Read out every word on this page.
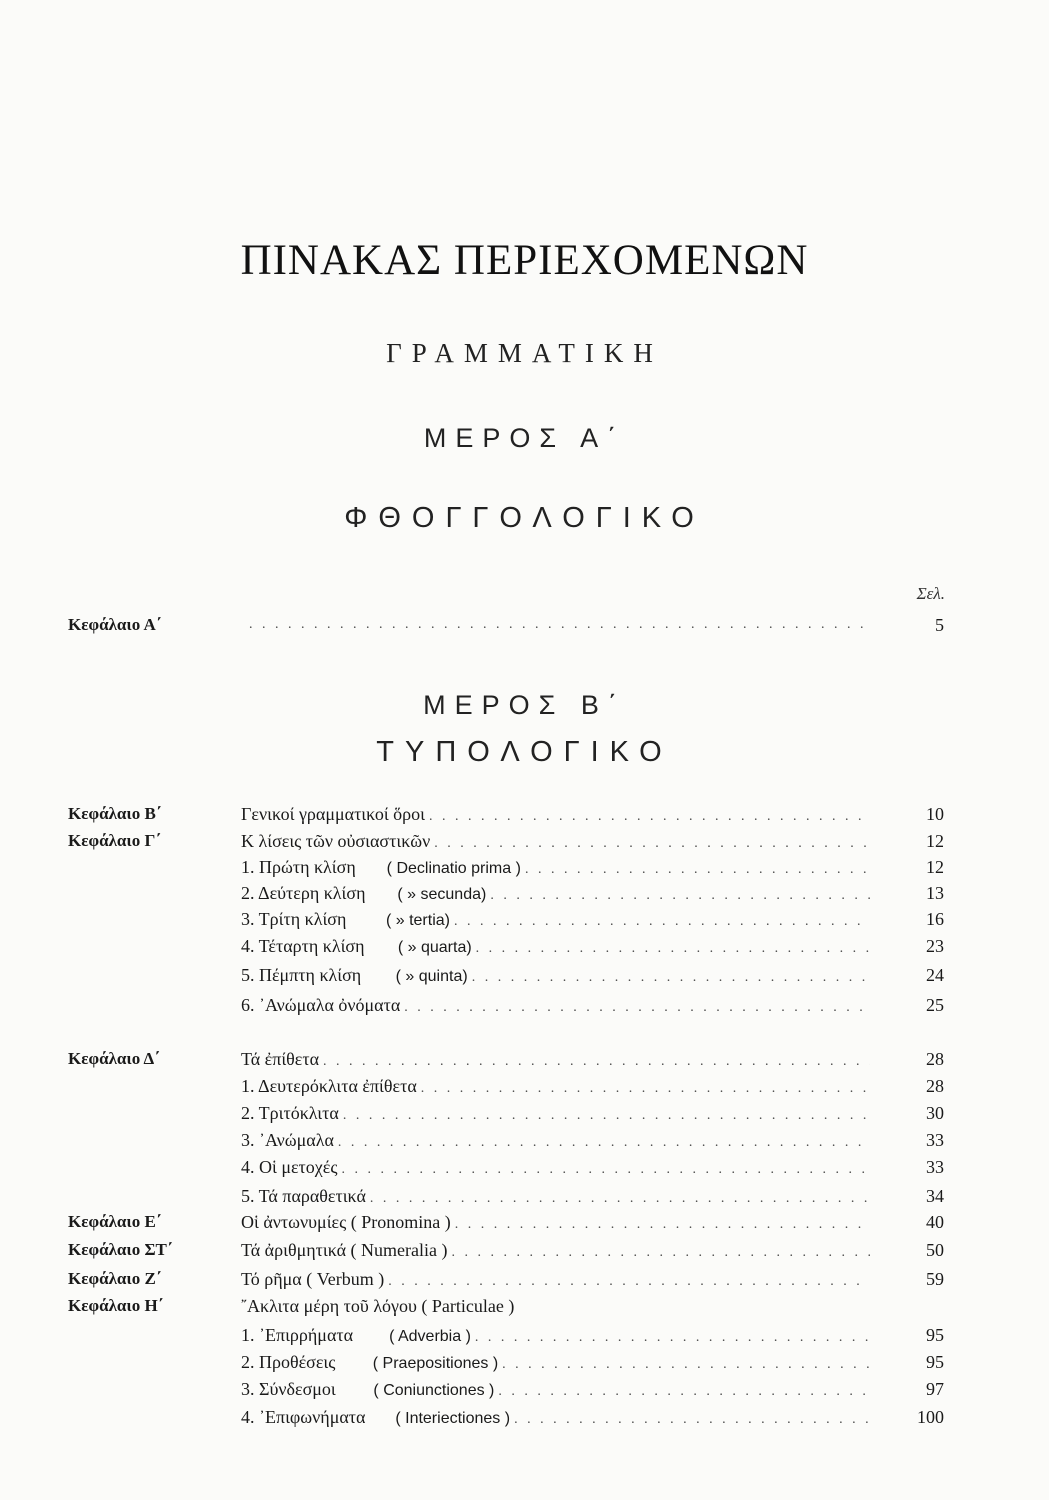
ΠΙΝΑΚΑΣ ΠΕΡΙΕΧΟΜΕΝΩΝ
ΓΡΑΜΜΑΤΙΚΗ
ΜΕΡΟΣ Α΄
ΦΘΟΓΓΟΛΟΓΙΚΟ
Σελ.
Κεφάλαιο Α΄ . . .	5
ΜΕΡΟΣ Β΄
ΤΥΠΟΛΟΓΙΚΟ
Κεφάλαιο Β΄	Γενικοί γραμματικοί ὅροι . . .	10
Κεφάλαιο Γ΄	Κ λίσεις τῶν οὐσιαστικῶν . . .	12
1. Πρώτη κλίση ( Declinatio prima ) . . .	12
2. Δεύτερη κλίση ( » secunda) . . .	13
3. Τρίτη κλίση ( » tertia) . . .	16
4. Τέταρτη κλίση ( » quarta) . . .	23
5. Πέμπτη κλίση ( » quinta) . . .	24
6. ᾿Ανώμαλα ὀνόματα . . .	25
Κεφάλαιο Δ΄	Τά ἐπίθετα . . .	28
1. Δευτερόκλιτα ἐπίθετα . . .	28
2. Τριτόκλιτα . . .	30
3. ᾿Ανώμαλα . . .	33
4. Οἱ μετοχές . . .	33
5. Τά παραθετικά . . .	34
Κεφάλαιο Ε΄	Οἱ ἀντωνυμίες ( Pronomina ) . . .	40
Κεφάλαιο ΣΤ΄	Τά ἀριθμητικά ( Numeralia ) . . .	50
Κεφάλαιο Ζ΄	Τό ρῆμα ( Verbum ) . . .	59
Κεφάλαιο Η΄	῎Ακλιτα μέρη τοῦ λόγου ( Particulae )
1. ᾿Επιρρήματα ( Adverbia ) . . .	95
2. Προθέσεις ( Praepositiones ) . . .	95
3. Σύνδεσμοι ( Coniunctiones ) . . .	97
4. ᾿Επιφωνήματα ( Interiectiones ) . . .	100
